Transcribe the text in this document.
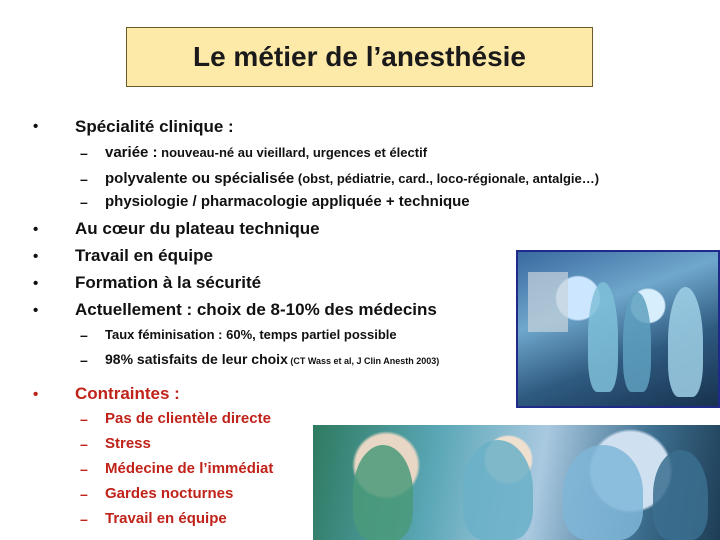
Le métier de l’anesthésie
• Spécialité clinique :
– variée : nouveau-né au vieillard, urgences et électif
– polyvalente ou spécialisée (obst, pédiatrie, card., loco-régionale, antalgie…)
– physiologie / pharmacologie appliquée + technique
• Au cœur du plateau technique
• Travail en équipe
• Formation à la sécurité
• Actuellement : choix de 8-10% des médecins
– Taux féminisation : 60%, temps partiel possible
– 98% satisfaits de leur choix (CT Wass et al, J Clin Anesth 2003)
• Contraintes :
– Pas de clientèle directe
– Stress
– Médecine de l’immédiat
– Gardes nocturnes
– Travail en équipe
